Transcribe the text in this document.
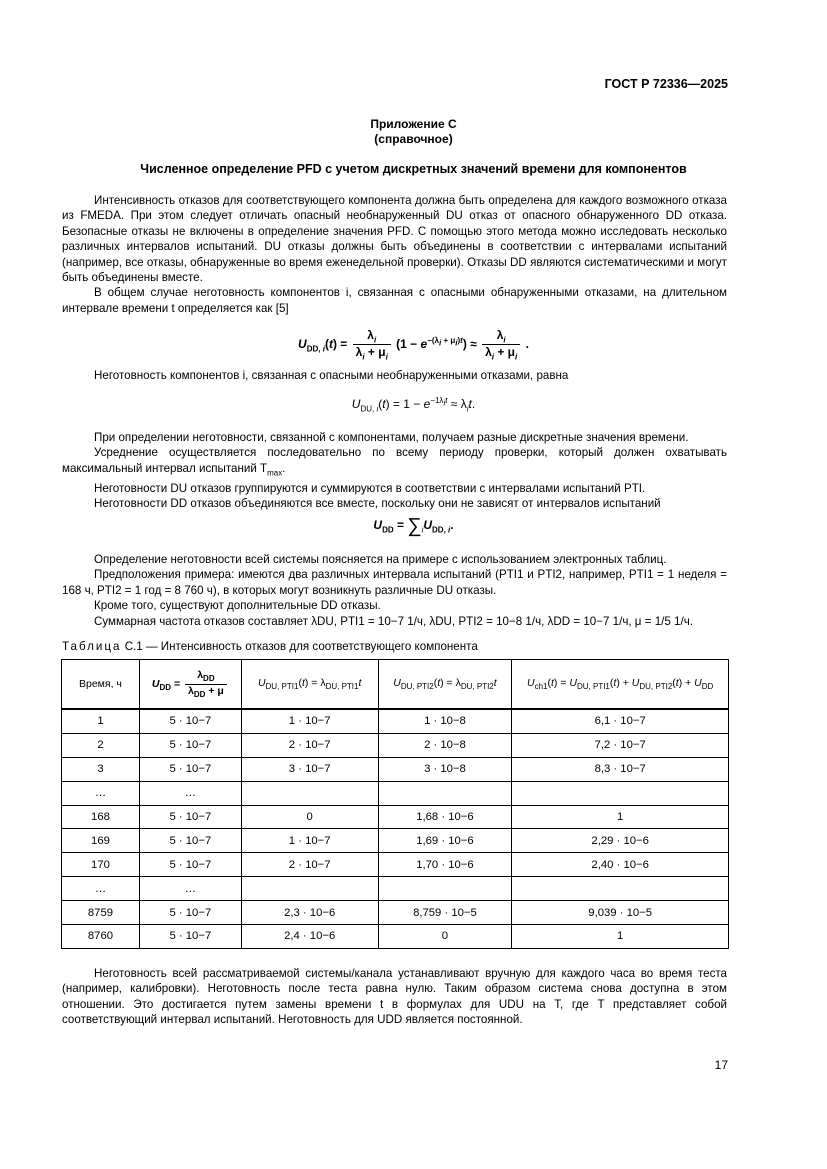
ГОСТ Р 72336—2025
Приложение С
(справочное)
Численное определение PFD с учетом дискретных значений времени для компонентов

Интенсивность отказов для соответствующего компонента должна быть определена для каждого возможного отказа из FMEDA. При этом следует отличать опасный необнаруженный DU отказ от опасного обнаруженного DD отказа. Безопасные отказы не включены в определение значения PFD. С помощью этого метода можно исследовать несколько различных интервалов испытаний. DU отказы должны быть объединены в соответствии с интервалами испытаний (например, все отказы, обнаруженные во время еженедельной проверки). Отказы DD являются систематическими и могут быть объединены вместе.

В общем случае неготовность компонентов i, связанная с опасными обнаруженными отказами, на длительном интервале времени t определяется как [5]

$U_{DD, i}(t) = \frac{\lambda_i}{\lambda_i + \mu_i} (1 - e^{-(\lambda_i + \mu_i)t}) \approx \frac{\lambda_i}{\lambda_i + \mu_i}$ .

Неготовность компонентов i, связанная с опасными необнаруженными отказами, равна

$U_{DU, i}(t) = 1 - e^{-1\lambda_it} \approx \lambda_it$.

При определении неготовности, связанной с компонентами, получаем разные дискретные значения времени.

Усреднение осуществляется последовательно по всему периоду проверки, который должен охватывать максимальный интервал испытаний $T_{max}$.

Неготовности DU отказов группируются и суммируются в соответствии с интервалами испытаний PTI.

Неготовности DD отказов объединяются все вместе, поскольку они не зависят от интервалов испытаний

$U_{DD} = \sum_iU_{DD, i}$.

Определение неготовности всей системы поясняется на примере с использованием электронных таблиц.

Предположения примера: имеются два различных интервала испытаний (PTI1 и PTI2, например, PTI1 = 1 неделя = 168 ч, PTI2 = 1 год = 8 760 ч), в которых могут возникнуть различные DU отказы.

Кроме того, существуют дополнительные DD отказы.

Суммарная частота отказов составляет λDU, PTI1 = 10−7 1/ч, λDU, PTI2 = 10−8 1/ч, λDD = 10−7 1/ч, μ = 1/5 1/ч.

Таблица С.1 — Интенсивность отказов для соответствующего компонента
Время, ч	$U_{DD} = \frac{\lambda_{DD}}{\lambda_{DD} + \mu}$	$U_{DU, PTI1}(t) = \lambda_{DU, PTI1}t$	$U_{DU, PTI2}(t) = \lambda_{DU, PTI2}t$	$U_{ch1}(t) = U_{DU, PTI1}(t) + U_{DU, PTI2}(t) + U_{DD}$
1	5 · 10−7	1 · 10−7	1 · 10−8	6,1 · 10−7
2	5 · 10−7	2 · 10−7	2 · 10−8	7,2 · 10−7
3	5 · 10−7	3 · 10−7	3 · 10−8	8,3 · 10−7
…	…			
168	5 · 10−7	0	1,68 · 10−6	1
169	5 · 10−7	1 · 10−7	1,69 · 10−6	2,29 · 10−6
170	5 · 10−7	2 · 10−7	1,70 · 10−6	2,40 · 10−6
…	…			
8759	5 · 10−7	2,3 · 10−6	8,759 · 10−5	9,039 · 10−5
8760	5 · 10−7	2,4 · 10−6	0	1

Неготовность всей рассматриваемой системы/канала устанавливают вручную для каждого часа во время теста (например, калибровки). Неготовность после теста равна нулю. Таким образом система снова доступна в этом отношении. Это достигается путем замены времени t в формулах для UDU на T, где T представляет собой соответствующий интервал испытаний. Неготовность для UDD является постоянной.

17
